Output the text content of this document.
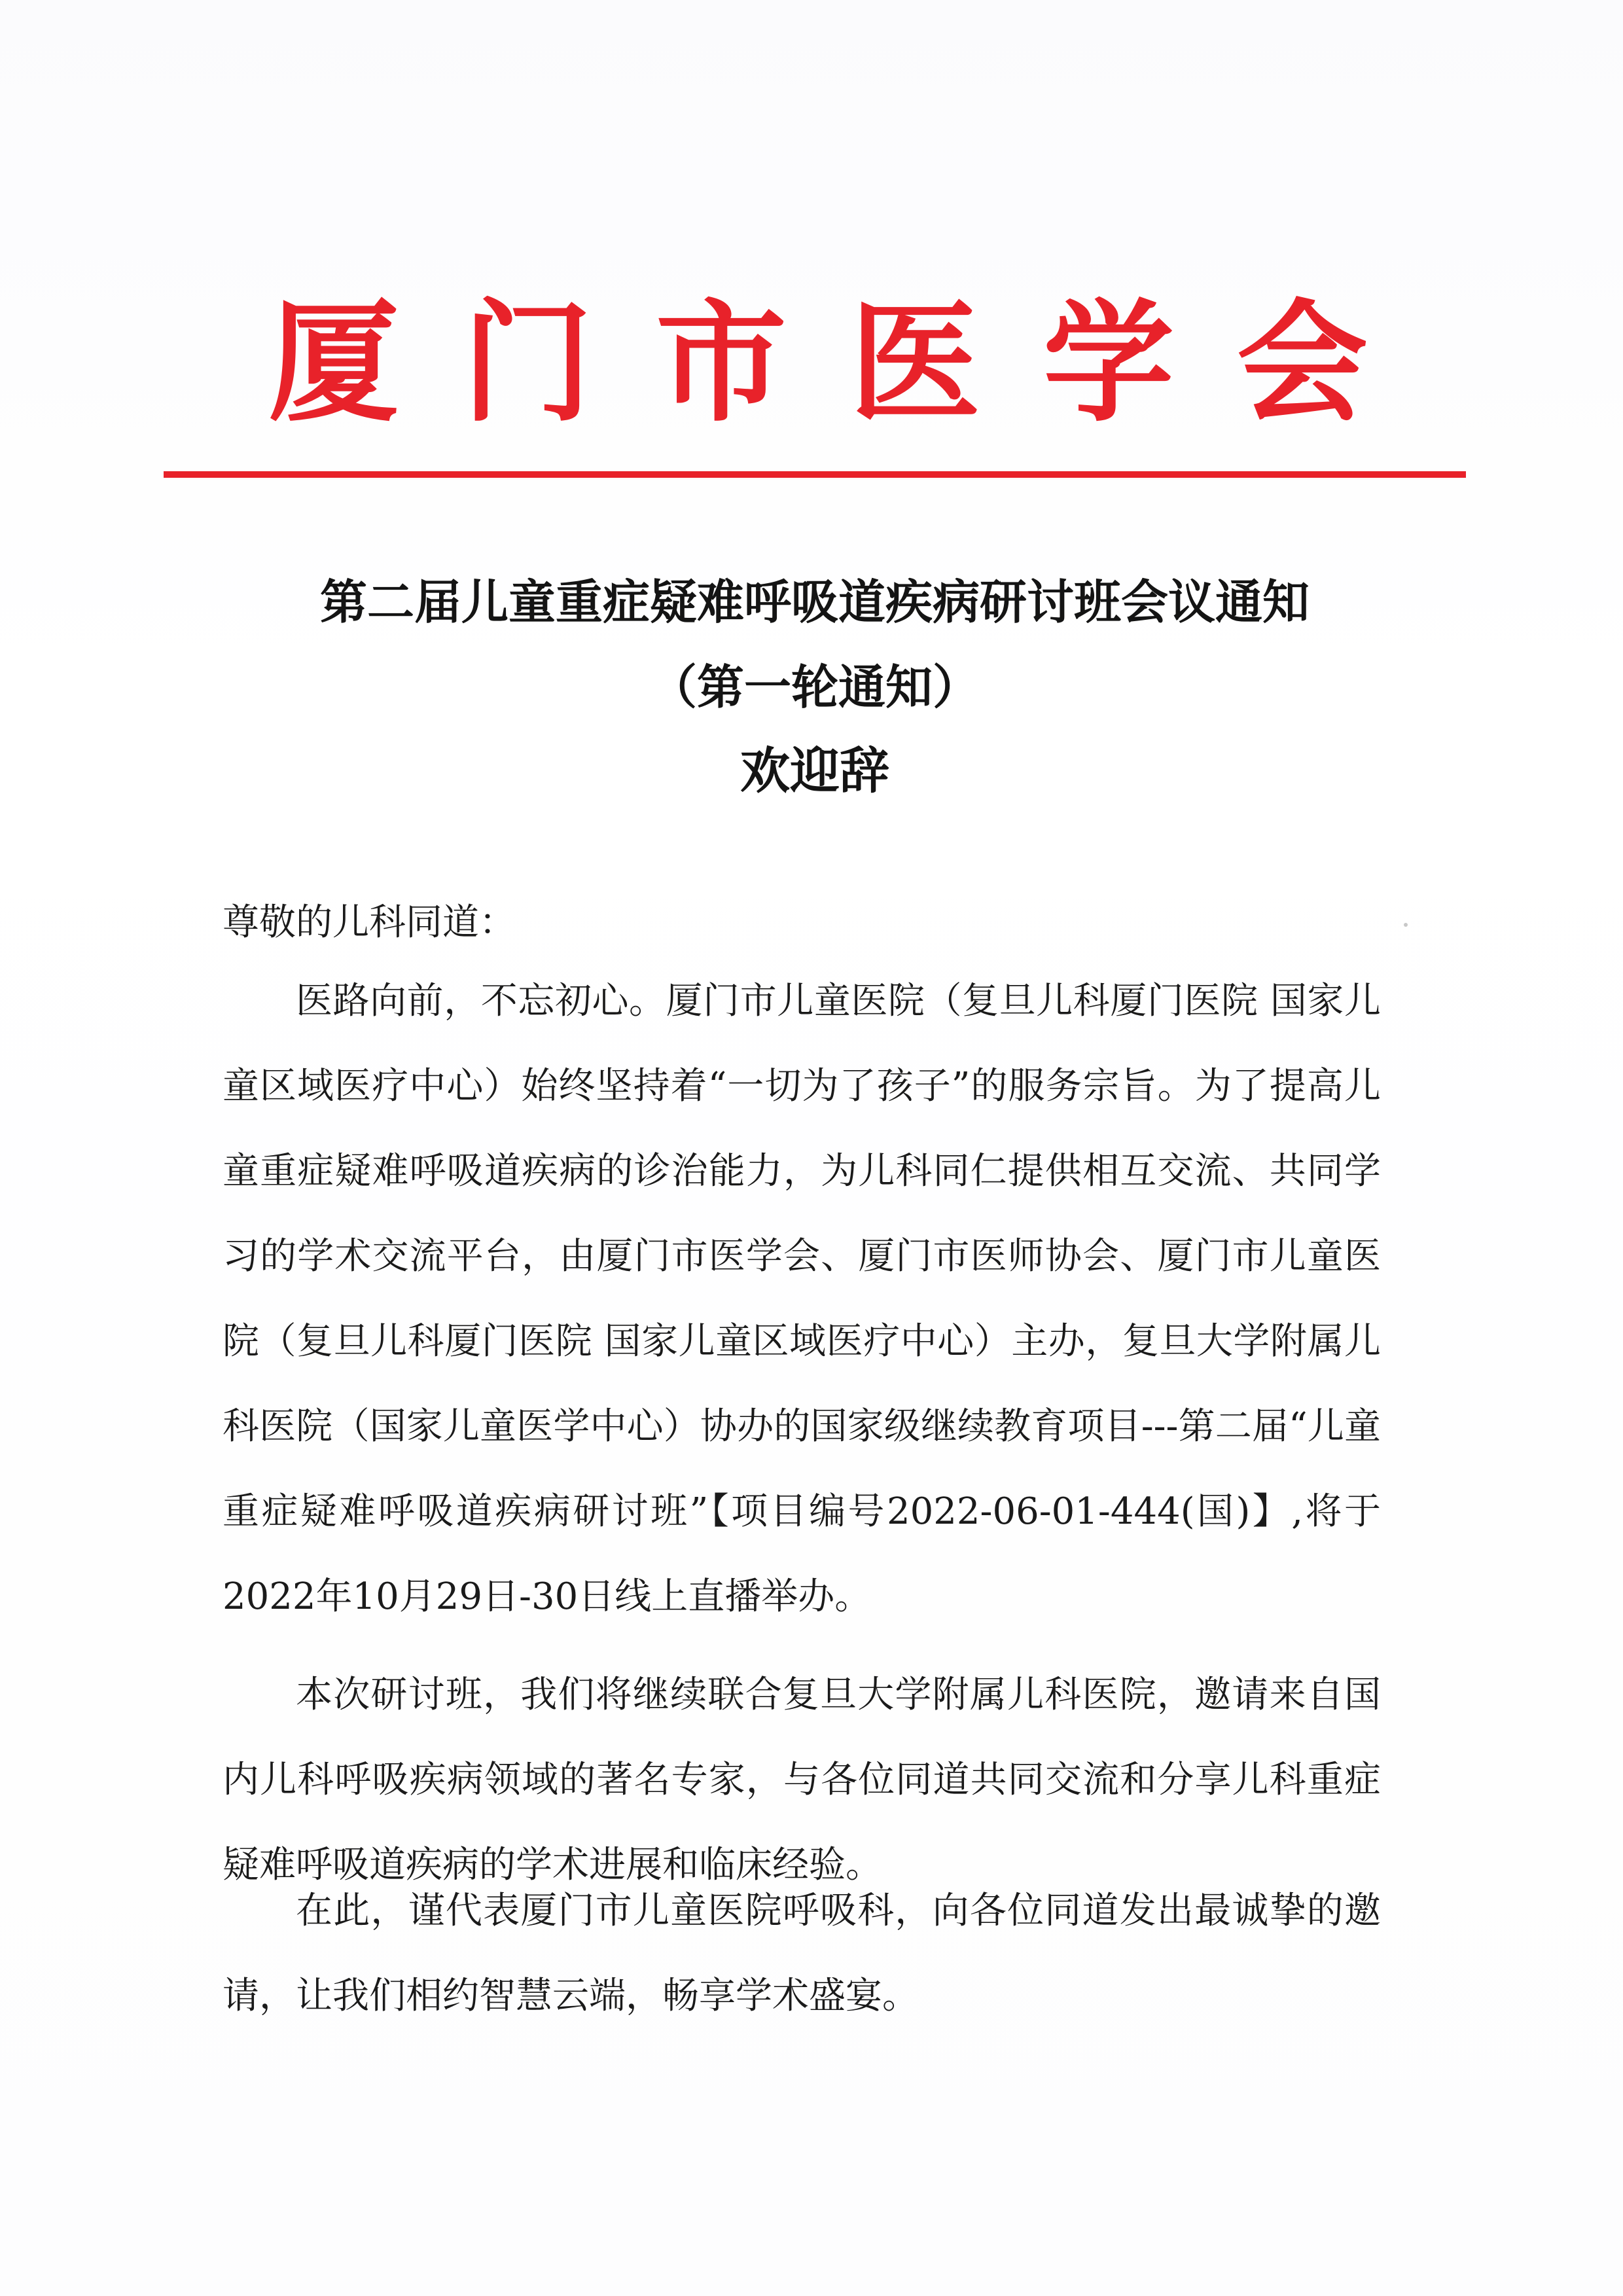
厦 门 市 医 学 会
第二届儿童重症疑难呼吸道疾病研讨班会议通知
（第一轮通知）
欢迎辞
尊敬的儿科同道：

医路向前，不忘初心。厦门市儿童医院（复旦儿科厦门医院 国家儿童区域医疗中心）始终坚持着“一切为了孩子”的服务宗旨。为了提高儿童重症疑难呼吸道疾病的诊治能力，为儿科同仁提供相互交流、共同学习的学术交流平台，由厦门市医学会、厦门市医师协会、厦门市儿童医院（复旦儿科厦门医院 国家儿童区域医疗中心）主办，复旦大学附属儿科医院（国家儿童医学中心）协办的国家级继续教育项目---第二届“儿童重症疑难呼吸道疾病研讨班”【项目编号2022-06-01-444(国)】,将于2022年10月29日-30日线上直播举办。

本次研讨班，我们将继续联合复旦大学附属儿科医院，邀请来自国内儿科呼吸疾病领域的著名专家，与各位同道共同交流和分享儿科重症疑难呼吸道疾病的学术进展和临床经验。

在此，谨代表厦门市儿童医院呼吸科，向各位同道发出最诚挚的邀请，让我们相约智慧云端，畅享学术盛宴。
